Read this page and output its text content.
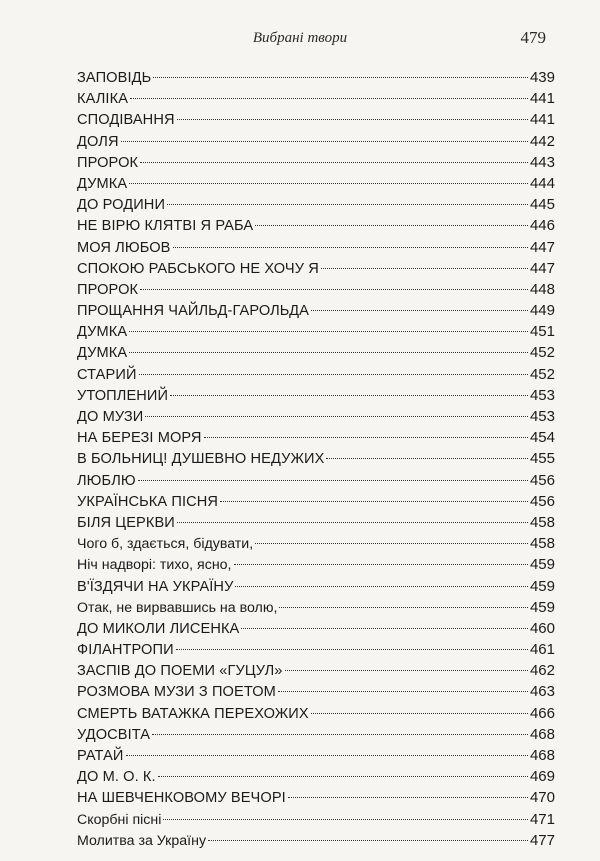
Вибрані твори	479
ЗАПОВІДЬ	439
КАЛІКА	441
СПОДІВАННЯ	441
ДОЛЯ	442
ПРОРОК	443
ДУМКА	444
ДО РОДИНИ	445
НЕ ВІРЮ КЛЯТВІ Я РАБА	446
МОЯ ЛЮБОВ	447
СПОКОЮ РАБСЬКОГО НЕ ХОЧУ Я	447
ПРОРОК	448
ПРОЩАННЯ ЧАЙЛЬД-ГАРОЛЬДА	449
ДУМКА	451
ДУМКА	452
СТАРИЙ	452
УТОПЛЕНИЙ	453
ДО МУЗИ	453
НА БЕРЕЗІ МОРЯ	454
В БОЛЬНИЦ! ДУШЕВНО НЕДУЖИХ	455
ЛЮБЛЮ	456
УКРАЇНСЬКА ПІСНЯ	456
БІЛЯ ЦЕРКВИ	458
Чого б, здається, бідувати,	458
Ніч надворі: тихо, ясно,	459
В'ЇЗДЯЧИ НА УКРАЇНУ	459
Отак, не вирвавшись на волю,	459
ДО МИКОЛИ ЛИСЕНКА	460
ФІЛАНТРОПИ	461
ЗАСПІВ ДО ПОЕМИ «ГУЦУЛ»	462
РОЗМОВА МУЗИ З ПОЕТОМ	463
СМЕРТЬ ВАТАЖКА ПЕРЕХОЖИХ	466
УДОСВІТА	468
РАТАЙ	468
ДО М. О. К.	469
НА ШЕВЧЕНКОВОМУ ВЕЧОРІ	470
Скорбні пісні	471
Молитва за Україну	477
